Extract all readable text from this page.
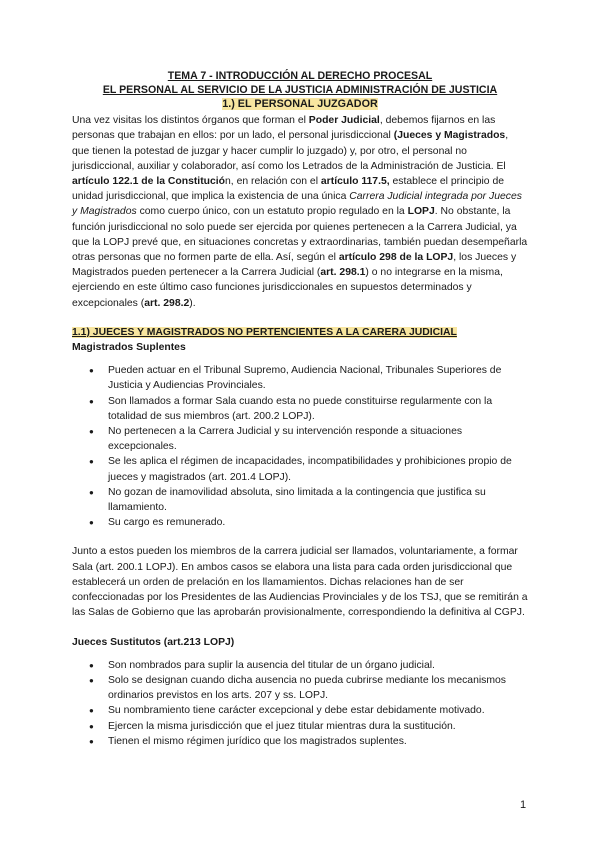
TEMA 7 - INTRODUCCIÓN AL DERECHO PROCESAL
EL PERSONAL AL SERVICIO DE LA JUSTICIA ADMINISTRACIÓN DE JUSTICIA
1.) EL PERSONAL JUZGADOR

Una vez visitas los distintos órganos que forman el Poder Judicial, debemos fijarnos en las personas que trabajan en ellos: por un lado, el personal jurisdiccional (Jueces y Magistrados, que tienen la potestad de juzgar y hacer cumplir lo juzgado) y, por otro, el personal no jurisdiccional, auxiliar y colaborador, así como los Letrados de la Administración de Justicia. El artículo 122.1 de la Constitución, en relación con el artículo 117.5, establece el principio de unidad jurisdiccional, que implica la existencia de una única Carrera Judicial integrada por Jueces y Magistrados como cuerpo único, con un estatuto propio regulado en la LOPJ. No obstante, la función jurisdiccional no solo puede ser ejercida por quienes pertenecen a la Carrera Judicial, ya que la LOPJ prevé que, en situaciones concretas y extraordinarias, también puedan desempeñarla otras personas que no formen parte de ella. Así, según el artículo 298 de la LOPJ, los Jueces y Magistrados pueden pertenecer a la Carrera Judicial (art. 298.1) o no integrarse en la misma, ejerciendo en este último caso funciones jurisdiccionales en supuestos determinados y excepcionales (art. 298.2).

1.1) JUECES Y MAGISTRADOS NO PERTENCIENTES A LA CARERA JUDICIAL
Magistrados Suplentes
● Pueden actuar en el Tribunal Supremo, Audiencia Nacional, Tribunales Superiores de Justicia y Audiencias Provinciales.
● Son llamados a formar Sala cuando esta no puede constituirse regularmente con la totalidad de sus miembros (art. 200.2 LOPJ).
● No pertenecen a la Carrera Judicial y su intervención responde a situaciones excepcionales.
● Se les aplica el régimen de incapacidades, incompatibilidades y prohibiciones propio de jueces y magistrados (art. 201.4 LOPJ).
● No gozan de inamovilidad absoluta, sino limitada a la contingencia que justifica su llamamiento.
● Su cargo es remunerado.

Junto a estos pueden los miembros de la carrera judicial ser llamados, voluntariamente, a formar Sala (art. 200.1 LOPJ). En ambos casos se elabora una lista para cada orden jurisdiccional que establecerá un orden de prelación en los llamamientos. Dichas relaciones han de ser confeccionadas por los Presidentes de las Audiencias Provinciales y de los TSJ, que se remitirán a las Salas de Gobierno que las aprobarán provisionalmente, correspondiendo la definitiva al CGPJ.

Jueces Sustitutos (art.213 LOPJ)
● Son nombrados para suplir la ausencia del titular de un órgano judicial.
● Solo se designan cuando dicha ausencia no pueda cubrirse mediante los mecanismos ordinarios previstos en los arts. 207 y ss. LOPJ.
● Su nombramiento tiene carácter excepcional y debe estar debidamente motivado.
● Ejercen la misma jurisdicción que el juez titular mientras dura la sustitución.
● Tienen el mismo régimen jurídico que los magistrados suplentes.
1
